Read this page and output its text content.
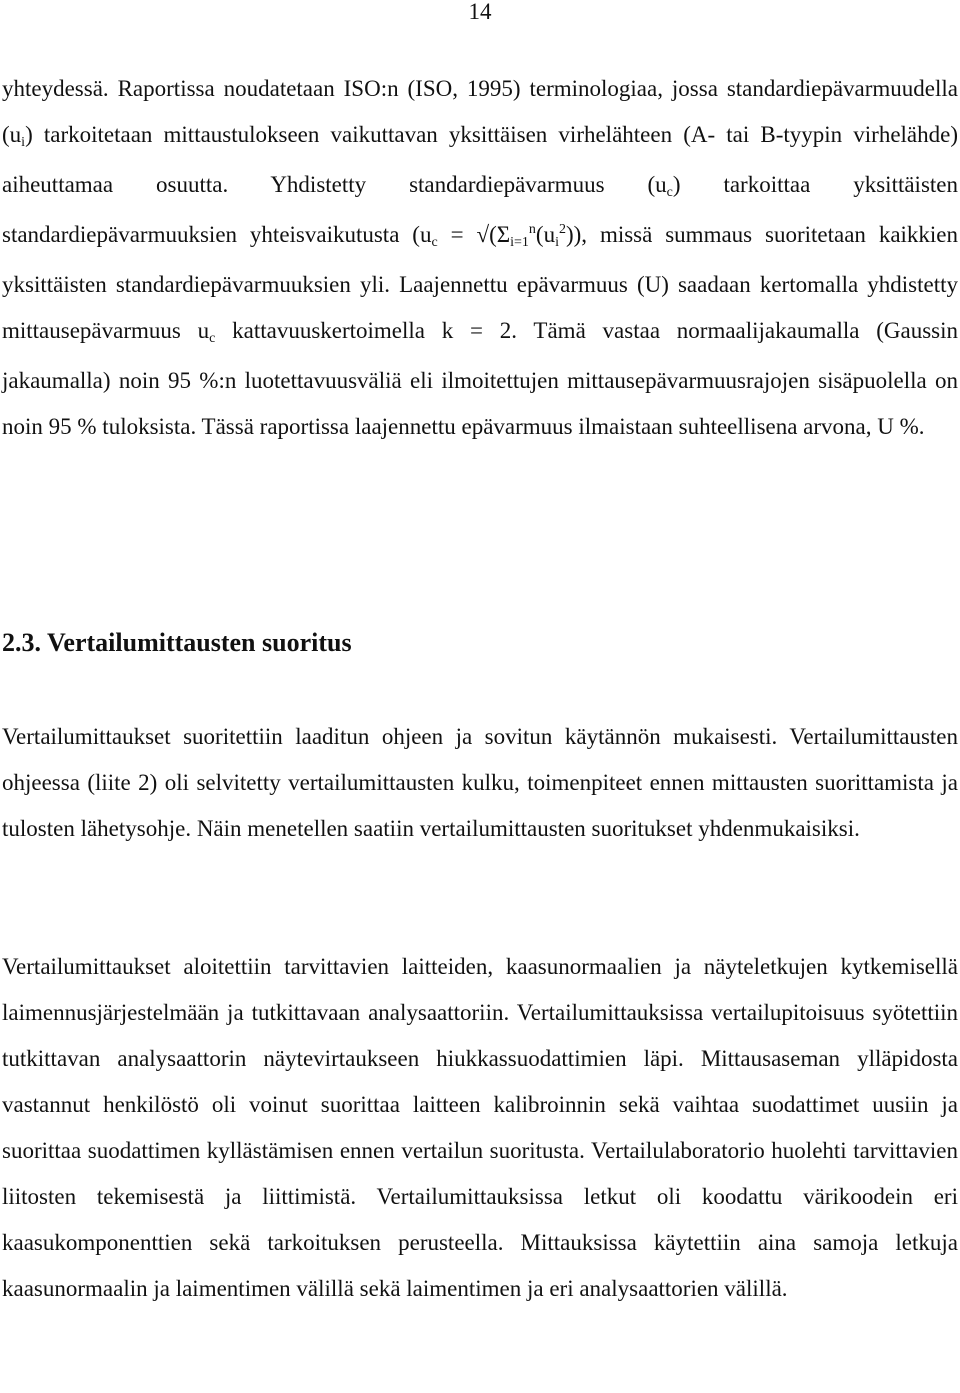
14

yhteydessä. Raportissa noudatetaan ISO:n (ISO, 1995) terminologiaa, jossa standardiepävarmuudella (ui) tarkoitetaan mittaustulokseen vaikuttavan yksittäisen virhelähteen (A- tai B-tyypin virhelähde) aiheuttamaa osuutta. Yhdistetty standardiepävarmuus (uc) tarkoittaa yksittäisten standardiepävarmuuksien yhteisvaikutusta ($uc = √(\Sigma i=1^n(ui^2))$, missä summaus suoritetaan kaikkien yksittäisten standardiepävarmuuksien yli. Laajennettu epävarmuus (U) saadaan kertomalla yhdistetty mittausepävarmuus uc kattavuuskertoimella k = 2. Tämä vastaa normaalijakaumalla (Gaussin jakaumalla) noin 95 %:n luotettavuusväliä eli ilmoitettujen mittausepävarmuusrajojen sisäpuolella on noin 95 % tuloksista. Tässä raportissa laajennettu epävarmuus ilmaistaan suhteellisena arvona, U %.

2.3. Vertailumittausten suoritus

Vertailumittaukset suoritettiin laaditun ohjeen ja sovitun käytännön mukaisesti. Vertailumittausten ohjeessa (liite 2) oli selvitetty vertailumittausten kulku, toimenpiteet ennen mittausten suorittamista ja tulosten lähetysohje. Näin menetellen saatiin vertailumittausten suoritukset yhdenmukaisiksi.

Vertailumittaukset aloitettiin tarvittavien laitteiden, kaasunormaalien ja näyteletkujen kytkemisellä laimennusjärjestelmään ja tutkittavaan analysaattoriin. Vertailumittauksissa vertailupitoisuus syötettiin tutkittavan analysaattorin näytevirtaukseen hiukkassuodattimien läpi. Mittausaseman ylläpidosta vastannut henkilöstö oli voinut suorittaa laitteen kalibroinnin sekä vaihtaa suodattimet uusiin ja suorittaa suodattimen kyllästämisen ennen vertailun suoritusta. Vertailulaboratorio huolehti tarvittavien liitosten tekemisestä ja liittimistä. Vertailumittauksissa letkut oli koodattu värikoodein eri kaasukomponenttien sekä tarkoituksen perusteella. Mittauksissa käytettiin aina samoja letkuja kaasunormaalin ja laimentimen välillä sekä laimentimen ja eri analysaattorien välillä.
